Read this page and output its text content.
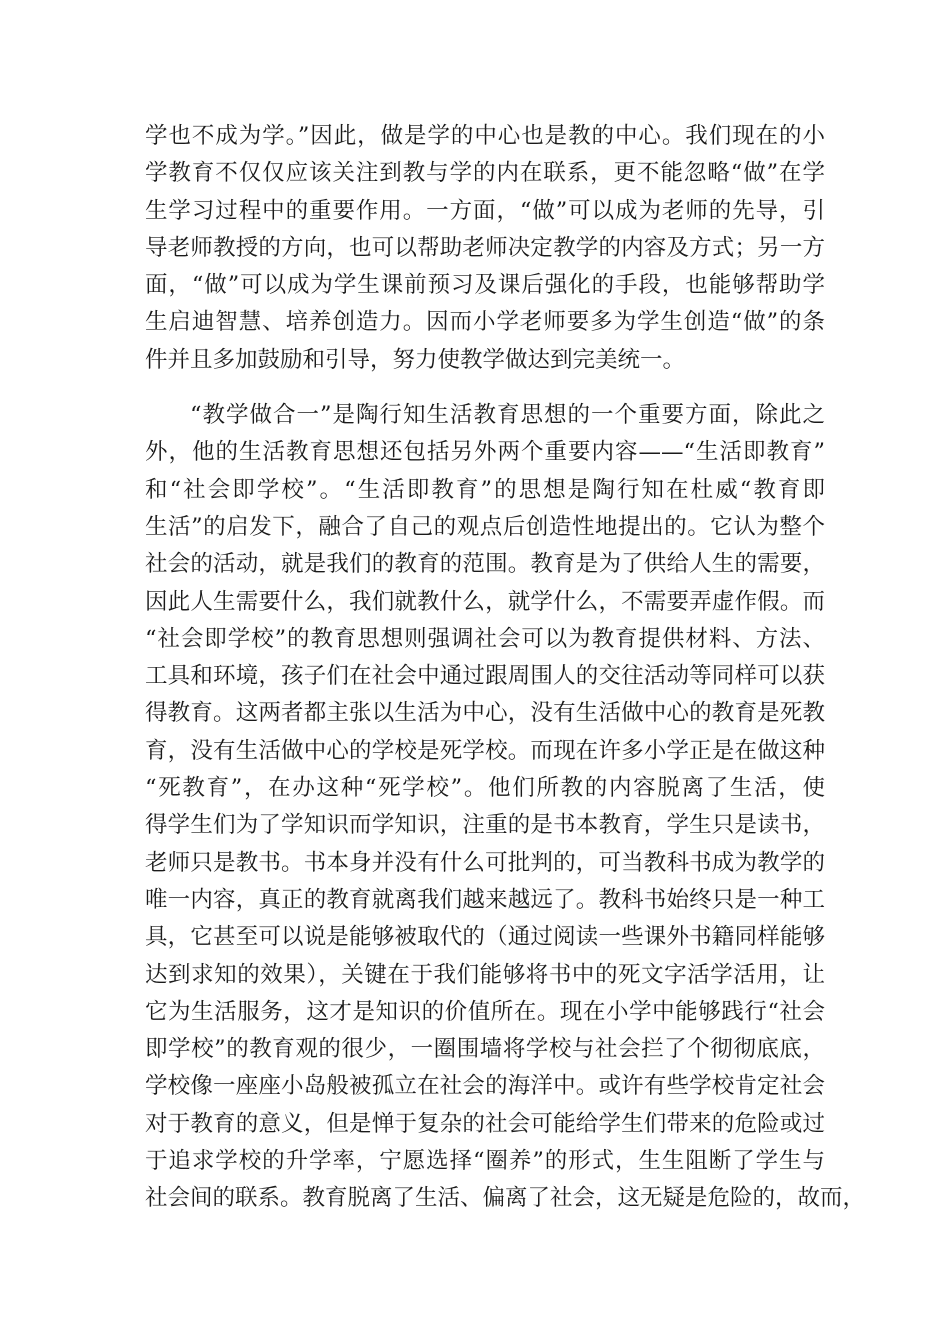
学也不成为学。”因此，做是学的中心也是教的中心。我们现在的小
学教育不仅仅应该关注到教与学的内在联系，更不能忽略“做”在学
生学习过程中的重要作用。一方面，“做”可以成为老师的先导，引
导老师教授的方向，也可以帮助老师决定教学的内容及方式；另一方
面，“做”可以成为学生课前预习及课后强化的手段，也能够帮助学
生启迪智慧、培养创造力。因而小学老师要多为学生创造“做”的条
件并且多加鼓励和引导，努力使教学做达到完美统一。

“教学做合一”是陶行知生活教育思想的一个重要方面，除此之
外，他的生活教育思想还包括另外两个重要内容——“生活即教育”
和“社会即学校”。“生活即教育”的思想是陶行知在杜威“教育即
生活”的启发下，融合了自己的观点后创造性地提出的。它认为整个
社会的活动，就是我们的教育的范围。教育是为了供给人生的需要，
因此人生需要什么，我们就教什么，就学什么，不需要弄虚作假。而
“社会即学校”的教育思想则强调社会可以为教育提供材料、方法、
工具和环境，孩子们在社会中通过跟周围人的交往活动等同样可以获
得教育。这两者都主张以生活为中心，没有生活做中心的教育是死教
育，没有生活做中心的学校是死学校。而现在许多小学正是在做这种
“死教育”，在办这种“死学校”。他们所教的内容脱离了生活，使
得学生们为了学知识而学知识，注重的是书本教育，学生只是读书，
老师只是教书。书本身并没有什么可批判的，可当教科书成为教学的
唯一内容，真正的教育就离我们越来越远了。教科书始终只是一种工
具，它甚至可以说是能够被取代的（通过阅读一些课外书籍同样能够
达到求知的效果），关键在于我们能够将书中的死文字活学活用，让
它为生活服务，这才是知识的价值所在。现在小学中能够践行“社会
即学校”的教育观的很少，一圈围墙将学校与社会拦了个彻彻底底，
学校像一座座小岛般被孤立在社会的海洋中。或许有些学校肯定社会
对于教育的意义，但是惮于复杂的社会可能给学生们带来的危险或过
于追求学校的升学率，宁愿选择“圈养”的形式，生生阻断了学生与
社会间的联系。教育脱离了生活、偏离了社会，这无疑是危险的，故而，
